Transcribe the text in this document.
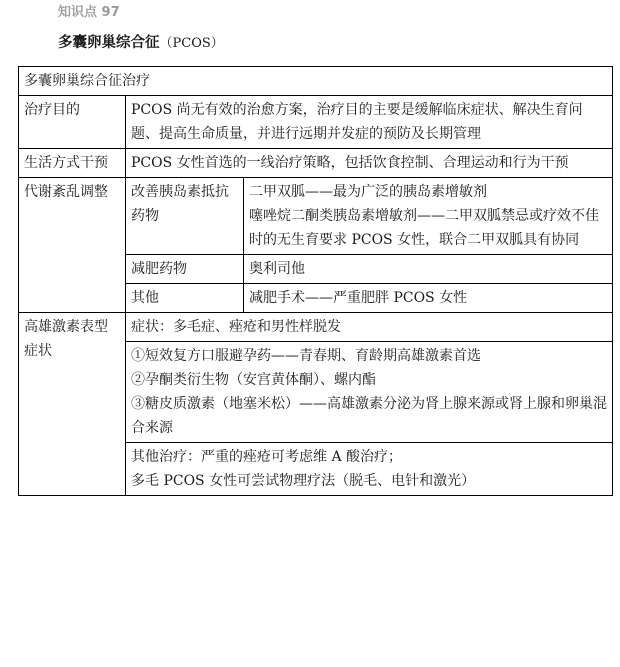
知识点 97
多囊卵巢综合征（PCOS）
多囊卵巢综合征治疗		
治疗目的	PCOS 尚无有效的治愈方案，治疗目的主要是缓解临床症状、解决生育问题、提高生命质量，并进行远期并发症的预防及长期管理	
生活方式干预	PCOS 女性首选的一线治疗策略，包括饮食控制、合理运动和行为干预	
代谢紊乱调整	改善胰岛素抵抗药物	二甲双胍——最为广泛的胰岛素增敏剂
噻唑烷二酮类胰岛素增敏剂——二甲双胍禁忌或疗效不佳时的无生育要求 PCOS 女性，联合二甲双胍具有协同

	减肥药物	奥利司他
	其他	减肥手术——严重肥胖 PCOS 女性
高雄激素表型症状	症状：多毛症、痤疮和男性样脱发	

	①短效复方口服避孕药——青春期、育龄期高雄激素首选
②孕酮类衍生物（安宫黄体酮）、螺内酯
③糖皮质激素（地塞米松）——高雄激素分泌为肾上腺来源或肾上腺和卵巢混合来源	

	其他治疗：严重的痤疮可考虑维 A 酸治疗；
多毛 PCOS 女性可尝试物理疗法（脱毛、电针和激光）	
